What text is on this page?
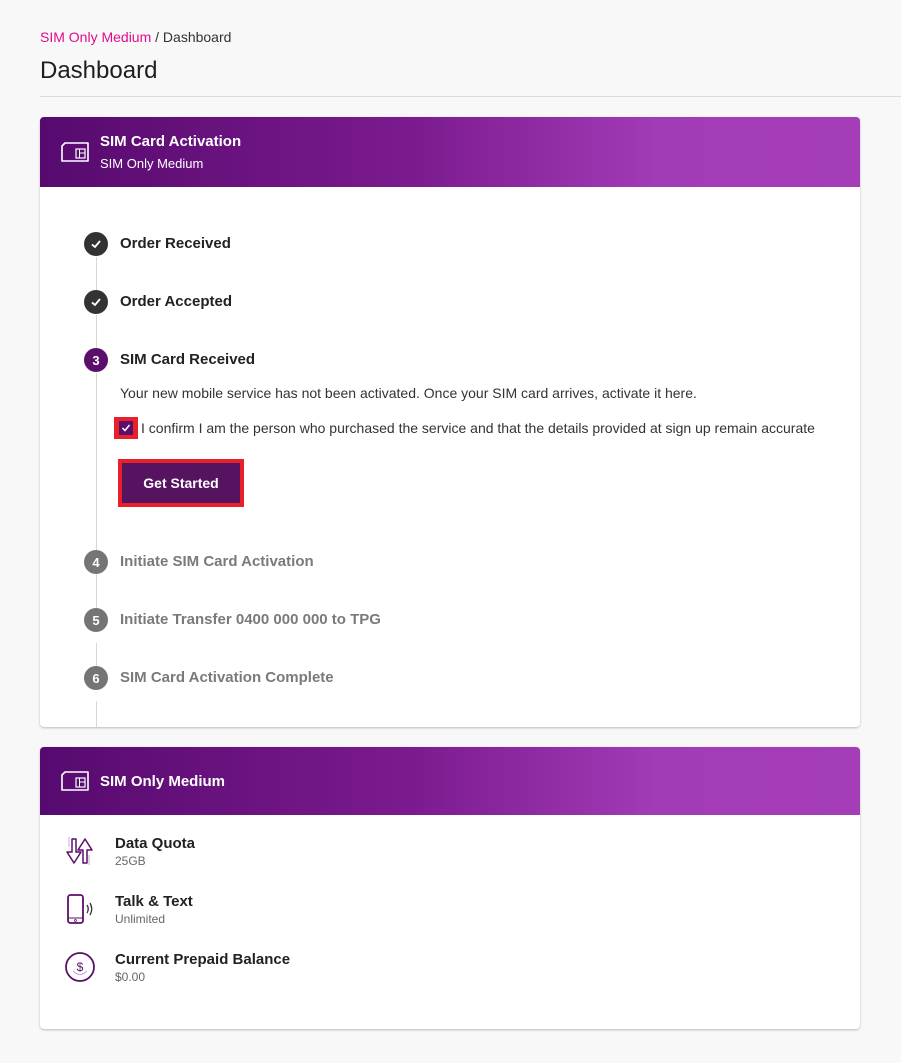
SIM Only Medium / Dashboard
Dashboard
SIM Card Activation
SIM Only Medium
Order Received
Order Accepted
3	SIM Card Received
Your new mobile service has not been activated. Once your SIM card arrives, activate it here.
I confirm I am the person who purchased the service and that the details provided at sign up remain accurate
Get Started
4	Initiate SIM Card Activation
5	Initiate Transfer 0400 000 000 to TPG
6	SIM Card Activation Complete
SIM Only Medium
Data Quota
25GB
Talk & Text
Unlimited
$ Current Prepaid Balance
$0.00
